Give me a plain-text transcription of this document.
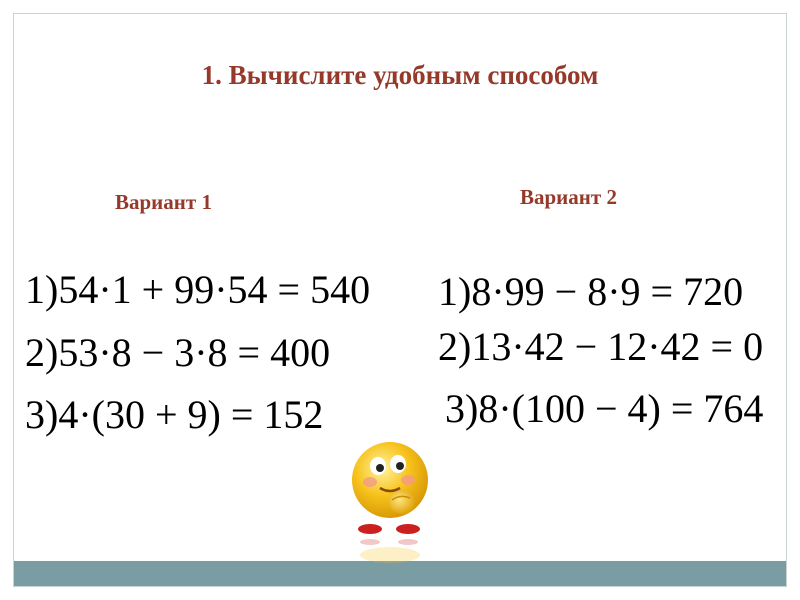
1. Вычислите удобным способом
Вариант 1	Вариант 2
1)54·1 + 99·54 = 540
2)53·8 − 3·8 = 400
3)4·(30 + 9) = 152
1)8·99 − 8·9 = 720
2)13·42 − 12·42 = 0
3)8·(100 − 4) = 764
